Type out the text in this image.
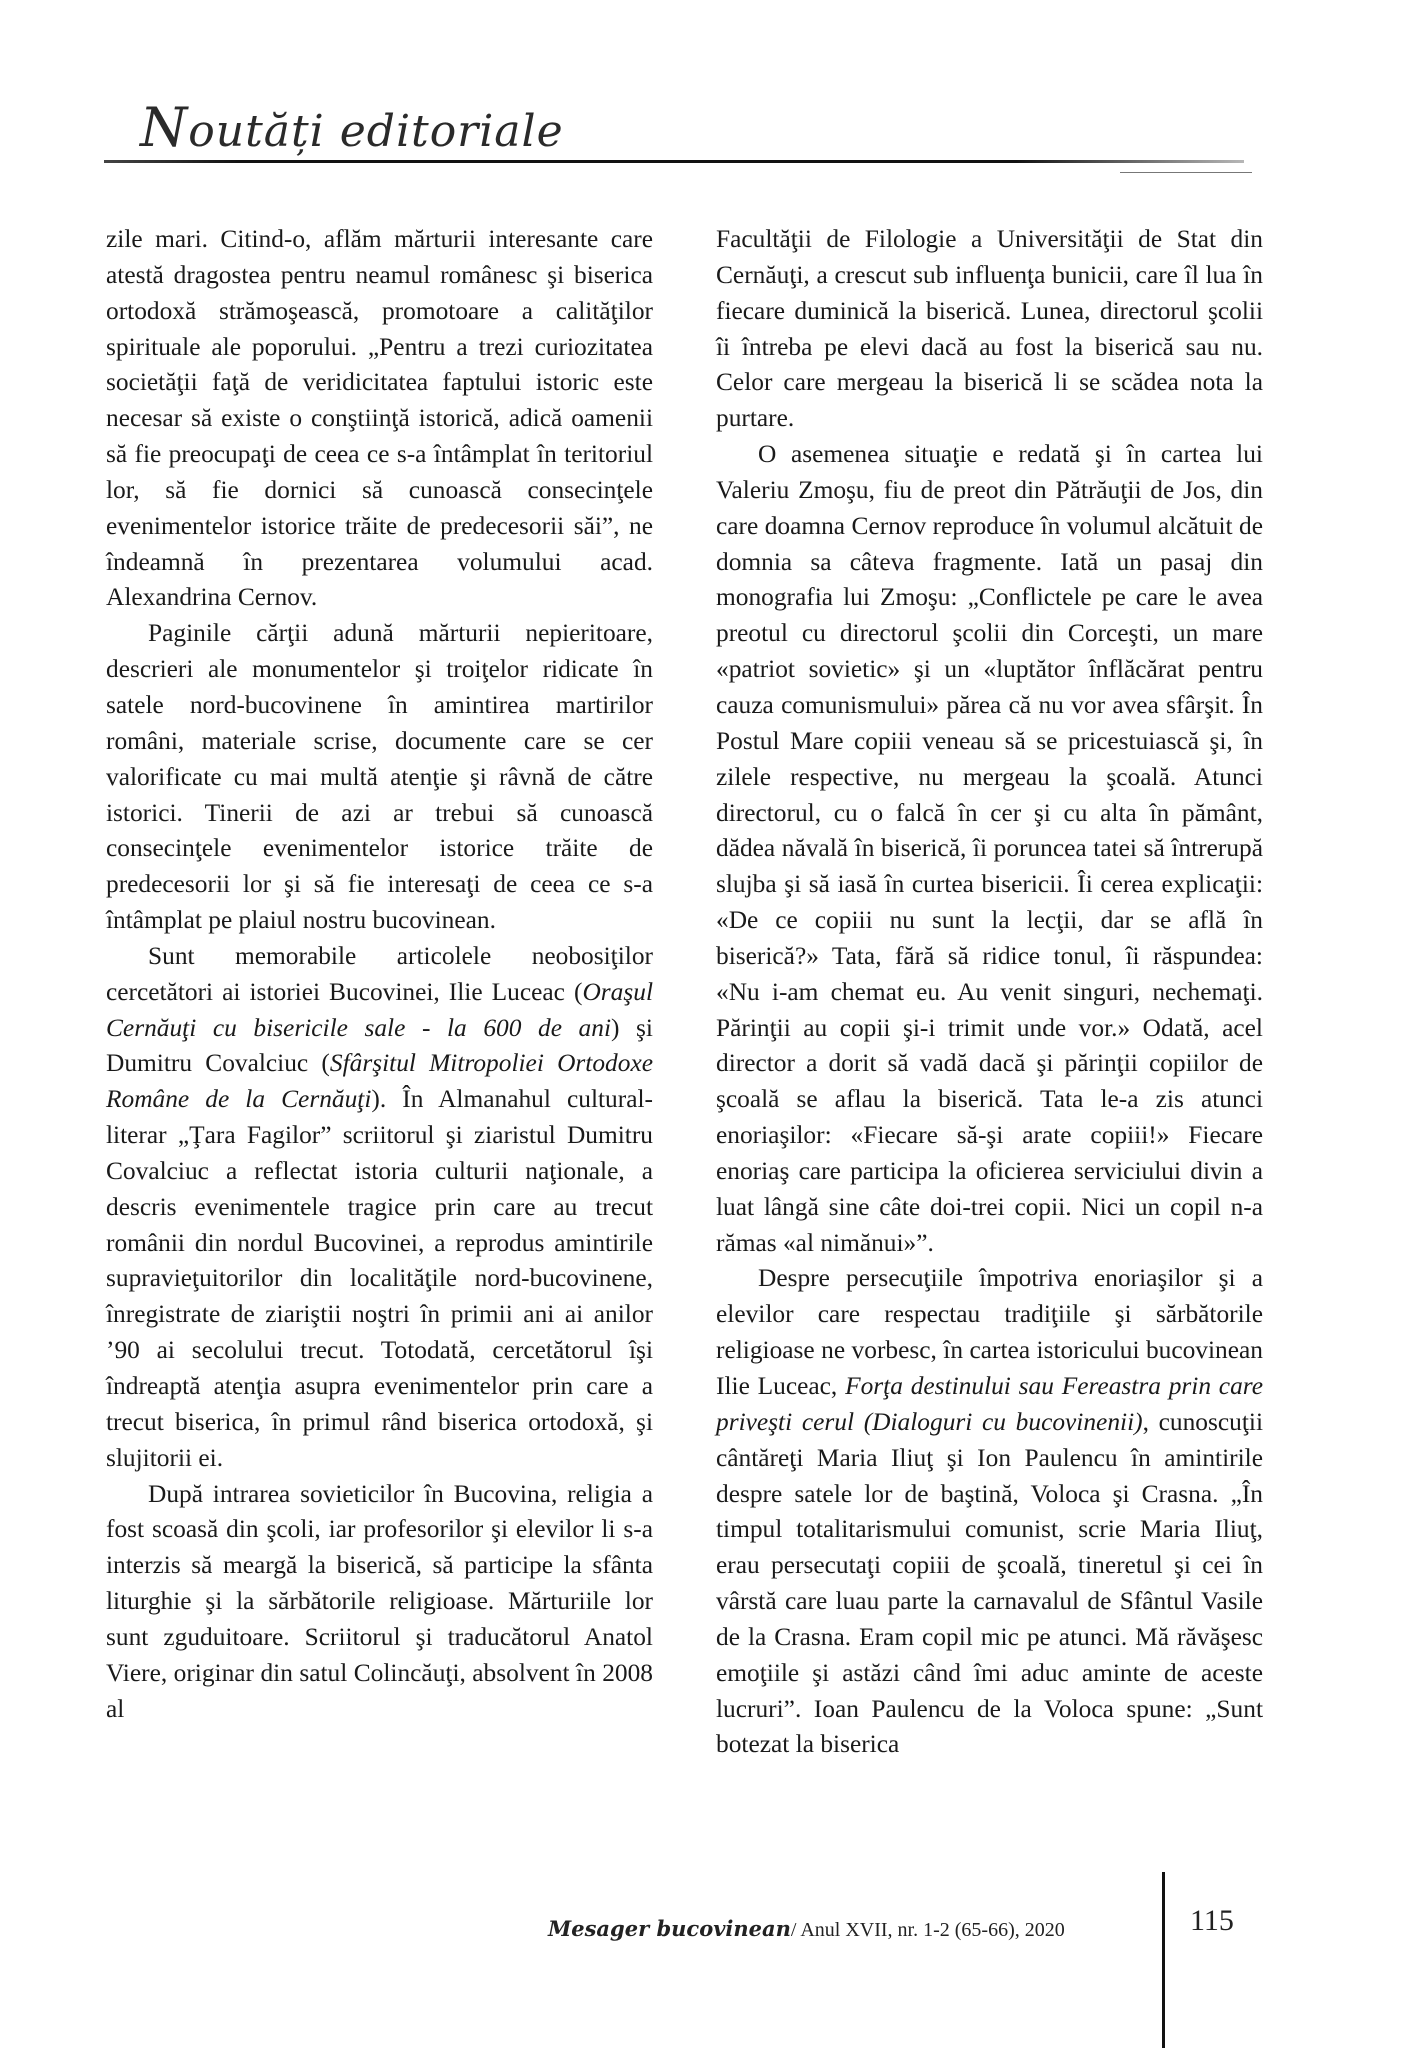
Noutăți editoriale

zile mari. Citind-o, aflăm mărturii interesante care atestă dragostea pentru neamul românesc şi biserica ortodoxă strămoşească, promotoare a calităţilor spirituale ale poporului. „Pentru a trezi curiozitatea societăţii faţă de veridicitatea faptului istoric este necesar să existe o conştiinţă istorică, adică oamenii să fie preocupaţi de ceea ce s-a întâmplat în teritoriul lor, să fie dornici să cunoască consecinţele evenimentelor istorice trăite de predecesorii săi”, ne îndeamnă în prezentarea volumului acad. Alexandrina Cernov.

Paginile cărţii adună mărturii nepieritoare, descrieri ale monumentelor şi troiţelor ridicate în satele nord-bucovinene în amintirea martirilor români, materiale scrise, documente care se cer valorificate cu mai multă atenţie şi râvnă de către istorici. Tinerii de azi ar trebui să cunoască consecinţele evenimentelor istorice trăite de predecesorii lor şi să fie interesaţi de ceea ce s-a întâmplat pe plaiul nostru bucovinean.

Sunt memorabile articolele neobosiţilor cercetători ai istoriei Bucovinei, Ilie Luceac (Oraşul Cernăuţi cu bisericile sale - la 600 de ani) şi Dumitru Covalciuc (Sfârşitul Mitropoliei Ortodoxe Române de la Cernăuţi). În Almanahul cultural-literar „Ţara Fagilor” scriitorul şi ziaristul Dumitru Covalciuc a reflectat istoria culturii naţionale, a descris evenimentele tragice prin care au trecut românii din nordul Bucovinei, a reprodus amintirile supravieţuitorilor din localităţile nord-bucovinene, înregistrate de ziariştii noştri în primii ani ai anilor ’90 ai secolului trecut. Totodată, cercetătorul îşi îndreaptă atenţia asupra evenimentelor prin care a trecut biserica, în primul rând biserica ortodoxă, şi slujitorii ei.

După intrarea sovieticilor în Bucovina, religia a fost scoasă din şcoli, iar profesorilor şi elevilor li s-a interzis să meargă la biserică, să participe la sfânta liturghie şi la sărbătorile religioase. Mărturiile lor sunt zguduitoare. Scriitorul şi traducătorul Anatol Viere, originar din satul Colincăuţi, absolvent în 2008 al

Facultăţii de Filologie a Universităţii de Stat din Cernăuţi, a crescut sub influenţa bunicii, care îl lua în fiecare duminică la biserică. Lunea, directorul şcolii îi întreba pe elevi dacă au fost la biserică sau nu. Celor care mergeau la biserică li se scădea nota la purtare.

O asemenea situaţie e redată şi în cartea lui Valeriu Zmoşu, fiu de preot din Pătrăuţii de Jos, din care doamna Cernov reproduce în volumul alcătuit de domnia sa câteva fragmente. Iată un pasaj din monografia lui Zmoşu: „Conflictele pe care le avea preotul cu directorul şcolii din Corceşti, un mare «patriot sovietic» şi un «luptător înflăcărat pentru cauza comunismului» părea că nu vor avea sfârşit. În Postul Mare copiii veneau să se pricestuiască şi, în zilele respective, nu mergeau la şcoală. Atunci directorul, cu o falcă în cer şi cu alta în pământ, dădea năvală în biserică, îi poruncea tatei să întrerupă slujba şi să iasă în curtea bisericii. Îi cerea explicaţii: «De ce copiii nu sunt la lecţii, dar se află în biserică?» Tata, fără să ridice tonul, îi răspundea: «Nu i-am chemat eu. Au venit singuri, nechemaţi. Părinţii au copii şi-i trimit unde vor.» Odată, acel director a dorit să vadă dacă şi părinţii copiilor de şcoală se aflau la biserică. Tata le-a zis atunci enoriaşilor: «Fiecare să-şi arate copiii!» Fiecare enoriaş care participa la oficierea serviciului divin a luat lângă sine câte doi-trei copii. Nici un copil n-a rămas «al nimănui»”.

Despre persecuţiile împotriva enoriaşilor şi a elevilor care respectau tradiţiile şi sărbătorile religioase ne vorbesc, în cartea istoricului bucovinean Ilie Luceac, Forţa destinului sau Fereastra prin care priveşti cerul (Dialoguri cu bucovinenii), cunoscuţii cântăreţi Maria Iliuţ şi Ion Paulencu în amintirile despre satele lor de baştină, Voloca şi Crasna. „În timpul totalitarismului comunist, scrie Maria Iliuţ, erau persecutaţi copiii de şcoală, tineretul şi cei în vârstă care luau parte la carnavalul de Sfântul Vasile de la Crasna. Eram copil mic pe atunci. Mă răvăşesc emoţiile şi astăzi când îmi aduc aminte de aceste lucruri”. Ioan Paulencu de la Voloca spune: „Sunt botezat la biserica

Mesager bucovinean/ Anul XVII, nr. 1-2 (65-66), 2020	115
